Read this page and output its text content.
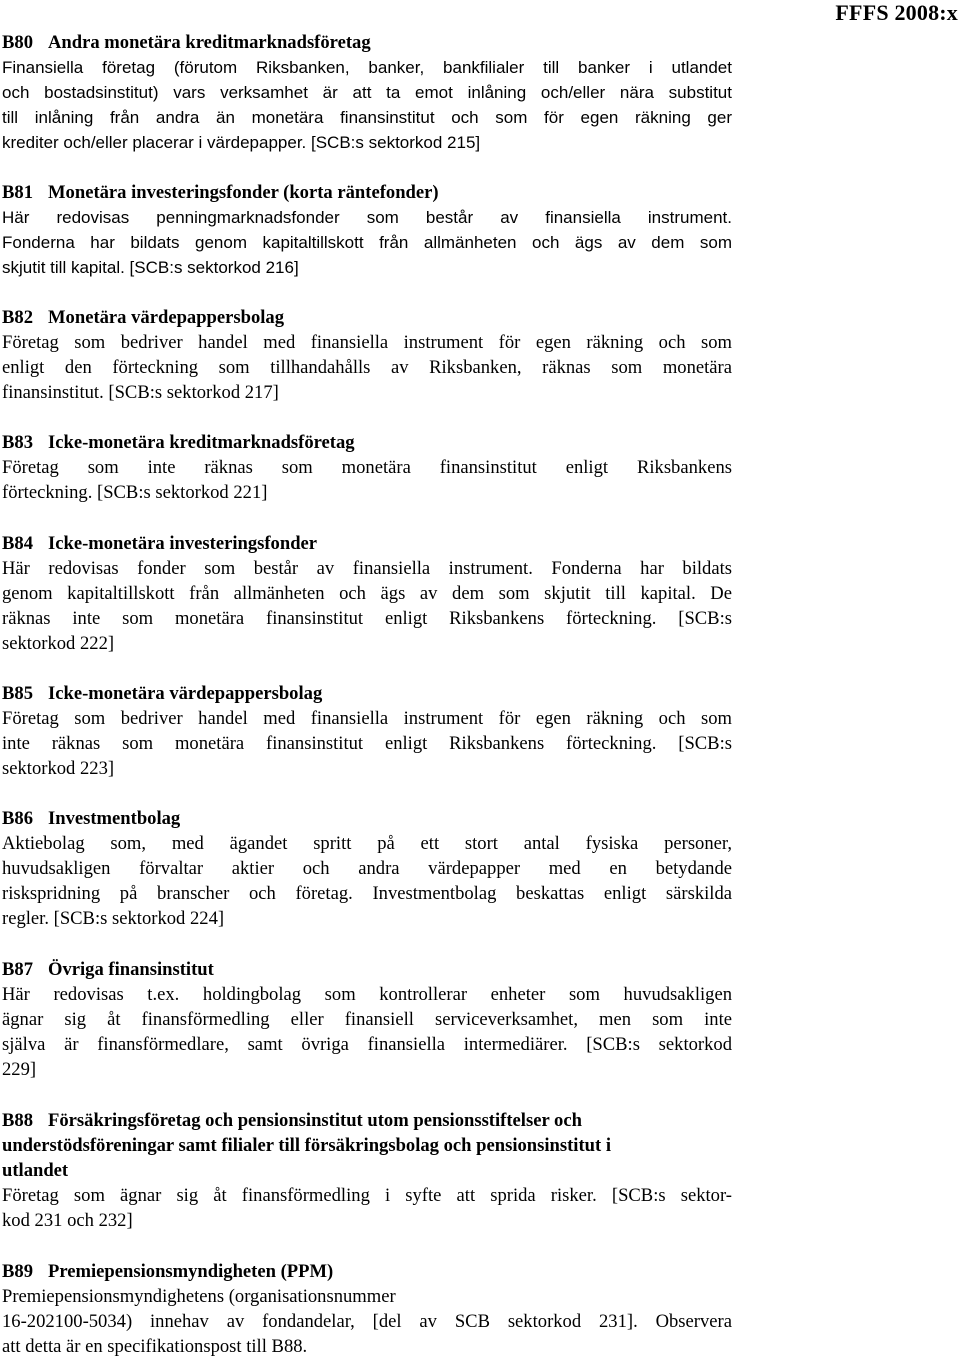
FFFS 2008:x
B80 Andra monetära kreditmarknadsföretag
Finansiella företag (förutom Riksbanken, banker, bankfilialer till banker i utlandet
och bostadsinstitut) vars verksamhet är att ta emot inlåning och/eller nära substitut
till inlåning från andra än monetära finansinstitut och som för egen räkning ger
krediter och/eller placerar i värdepapper. [SCB:s sektorkod 215]
B81 Monetära investeringsfonder (korta räntefonder)
Här redovisas penningmarknadsfonder som består av finansiella instrument.
Fonderna har bildats genom kapitaltillskott från allmänheten och ägs av dem som
skjutit till kapital. [SCB:s sektorkod 216]
B82 Monetära värdepappersbolag
Företag som bedriver handel med finansiella instrument för egen räkning och som
enligt den förteckning som tillhandahålls av Riksbanken, räknas som monetära
finansinstitut. [SCB:s sektorkod 217]
B83 Icke-monetära kreditmarknadsföretag
Företag som inte räknas som monetära finansinstitut enligt Riksbankens
förteckning. [SCB:s sektorkod 221]
B84 Icke-monetära investeringsfonder
Här redovisas fonder som består av finansiella instrument. Fonderna har bildats
genom kapitaltillskott från allmänheten och ägs av dem som skjutit till kapital. De
räknas inte som monetära finansinstitut enligt Riksbankens förteckning. [SCB:s
sektorkod 222]
B85 Icke-monetära värdepappersbolag
Företag som bedriver handel med finansiella instrument för egen räkning och som
inte räknas som monetära finansinstitut enligt Riksbankens förteckning. [SCB:s
sektorkod 223]
B86 Investmentbolag
Aktiebolag som, med ägandet spritt på ett stort antal fysiska personer,
huvudsakligen förvaltar aktier och andra värdepapper med en betydande
riskspridning på branscher och företag. Investmentbolag beskattas enligt särskilda
regler. [SCB:s sektorkod 224]
B87 Övriga finansinstitut
Här redovisas t.ex. holdingbolag som kontrollerar enheter som huvudsakligen
ägnar sig åt finansförmedling eller finansiell serviceverksamhet, men som inte
själva är finansförmedlare, samt övriga finansiella intermediärer. [SCB:s sektorkod
229]
B88 Försäkringsföretag och pensionsinstitut utom pensionsstiftelser och
understödsföreningar samt filialer till försäkringsbolag och pensionsinstitut i
utlandet
Företag som ägnar sig åt finansförmedling i syfte att sprida risker. [SCB:s sektor-
kod 231 och 232]
B89 Premiepensionsmyndigheten (PPM)
Premiepensionsmyndighetens (organisationsnummer
16-202100-5034) innehav av fondandelar, [del av SCB sektorkod 231]. Observera
att detta är en specifikationspost till B88.
